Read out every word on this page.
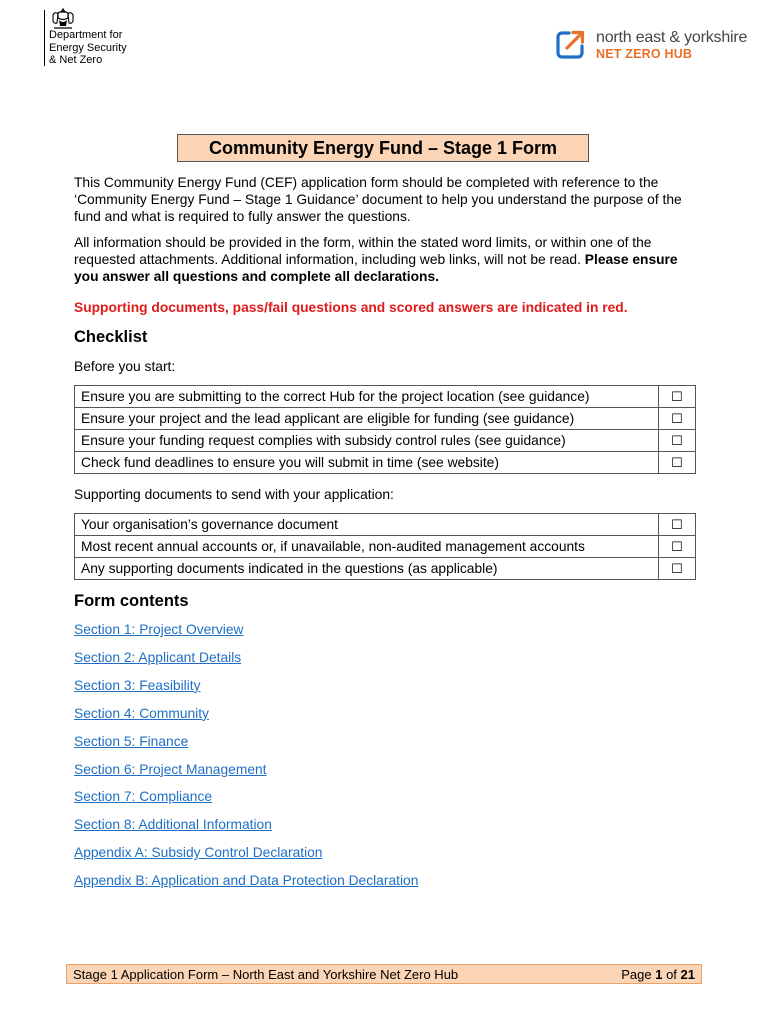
Department for
Energy Security
& Net Zero
north east & yorkshire
NET ZERO HUB
Community Energy Fund – Stage 1 Form

This Community Energy Fund (CEF) application form should be completed with reference to the ‘Community Energy Fund – Stage 1 Guidance’ document to help you understand the purpose of the fund and what is required to fully answer the questions.

All information should be provided in the form, within the stated word limits, or within one of the requested attachments. Additional information, including web links, will not be read. Please ensure you answer all questions and complete all declarations.

Supporting documents, pass/fail questions and scored answers are indicated in red.
Checklist
Before you start:
Ensure you are submitting to the correct Hub for the project location (see guidance)	☐
Ensure your project and the lead applicant are eligible for funding (see guidance)	☐
Ensure your funding request complies with subsidy control rules (see guidance)	☐
Check fund deadlines to ensure you will submit in time (see website)	☐
Supporting documents to send with your application:
Your organisation’s governance document	☐
Most recent annual accounts or, if unavailable, non-audited management accounts	☐
Any supporting documents indicated in the questions (as applicable)	☐
Form contents
Section 1: Project Overview
Section 2: Applicant Details
Section 3: Feasibility
Section 4: Community
Section 5: Finance
Section 6: Project Management
Section 7: Compliance
Section 8: Additional Information
Appendix A: Subsidy Control Declaration
Appendix B: Application and Data Protection Declaration
Stage 1 Application Form – North East and Yorkshire Net Zero Hub	Page 1 of 21
